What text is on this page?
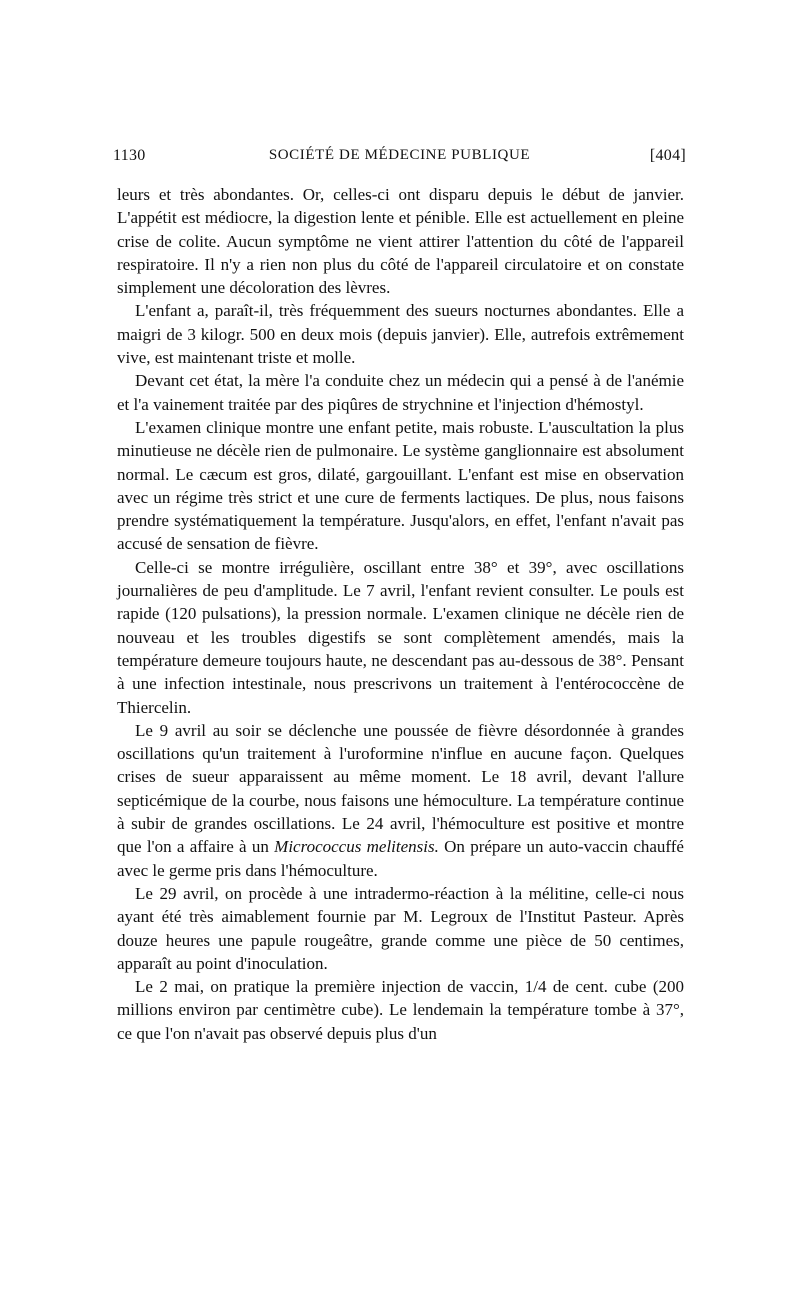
1130	SOCIÉTÉ DE MÉDECINE PUBLIQUE	[404]

leurs et très abondantes. Or, celles-ci ont disparu depuis le début de janvier. L'appétit est médiocre, la digestion lente et pénible. Elle est actuellement en pleine crise de colite. Aucun symptôme ne vient attirer l'attention du côté de l'appareil respiratoire. Il n'y a rien non plus du côté de l'appareil circulatoire et on constate simplement une décoloration des lèvres.

L'enfant a, paraît-il, très fréquemment des sueurs nocturnes abondantes. Elle a maigri de 3 kilogr. 500 en deux mois (depuis janvier). Elle, autrefois extrêmement vive, est maintenant triste et molle.

Devant cet état, la mère l'a conduite chez un médecin qui a pensé à de l'anémie et l'a vainement traitée par des piqûres de strychnine et l'injection d'hémostyl.

L'examen clinique montre une enfant petite, mais robuste. L'auscultation la plus minutieuse ne décèle rien de pulmonaire. Le système ganglionnaire est absolument normal. Le cæcum est gros, dilaté, gargouillant. L'enfant est mise en observation avec un régime très strict et une cure de ferments lactiques. De plus, nous faisons prendre systématiquement la température. Jusqu'alors, en effet, l'enfant n'avait pas accusé de sensation de fièvre.

Celle-ci se montre irrégulière, oscillant entre 38° et 39°, avec oscillations journalières de peu d'amplitude. Le 7 avril, l'enfant revient consulter. Le pouls est rapide (120 pulsations), la pression normale. L'examen clinique ne décèle rien de nouveau et les troubles digestifs se sont complètement amendés, mais la température demeure toujours haute, ne descendant pas au-dessous de 38°. Pensant à une infection intestinale, nous prescrivons un traitement à l'entérococcène de Thiercelin.

Le 9 avril au soir se déclenche une poussée de fièvre désordonnée à grandes oscillations qu'un traitement à l'uroformine n'influe en aucune façon. Quelques crises de sueur apparaissent au même moment. Le 18 avril, devant l'allure septicémique de la courbe, nous faisons une hémoculture. La température continue à subir de grandes oscillations. Le 24 avril, l'hémoculture est positive et montre que l'on a affaire à un Micrococcus melitensis. On prépare un auto-vaccin chauffé avec le germe pris dans l'hémoculture.

Le 29 avril, on procède à une intradermo-réaction à la mélitine, celle-ci nous ayant été très aimablement fournie par M. Legroux de l'Institut Pasteur. Après douze heures une papule rougeâtre, grande comme une pièce de 50 centimes, apparaît au point d'inoculation.

Le 2 mai, on pratique la première injection de vaccin, 1/4 de cent. cube (200 millions environ par centimètre cube). Le lendemain la température tombe à 37°, ce que l'on n'avait pas observé depuis plus d'un
